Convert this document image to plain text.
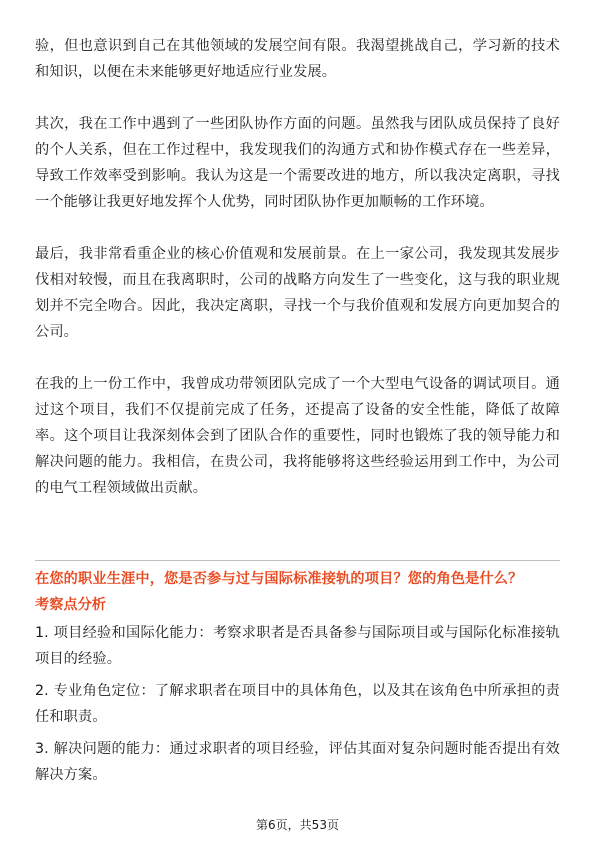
验，但也意识到自己在其他领域的发展空间有限。我渴望挑战自己，学习新的技术和知识，以便在未来能够更好地适应行业发展。

其次，我在工作中遇到了一些团队协作方面的问题。虽然我与团队成员保持了良好的个人关系，但在工作过程中，我发现我们的沟通方式和协作模式存在一些差异，导致工作效率受到影响。我认为这是一个需要改进的地方，所以我决定离职，寻找一个能够让我更好地发挥个人优势，同时团队协作更加顺畅的工作环境。

最后，我非常看重企业的核心价值观和发展前景。在上一家公司，我发现其发展步伐相对较慢，而且在我离职时，公司的战略方向发生了一些变化，这与我的职业规划并不完全吻合。因此，我决定离职，寻找一个与我价值观和发展方向更加契合的公司。

在我的上一份工作中，我曾成功带领团队完成了一个大型电气设备的调试项目。通过这个项目，我们不仅提前完成了任务，还提高了设备的安全性能，降低了故障率。这个项目让我深刻体会到了团队合作的重要性，同时也锻炼了我的领导能力和解决问题的能力。我相信，在贵公司，我将能够将这些经验运用到工作中，为公司的电气工程领域做出贡献。

在您的职业生涯中，您是否参与过与国际标准接轨的项目？您的角色是什么？

考察点分析

1. 项目经验和国际化能力：考察求职者是否具备参与国际项目或与国际化标准接轨项目的经验。

2. 专业角色定位：了解求职者在项目中的具体角色，以及其在该角色中所承担的责任和职责。

3. 解决问题的能力：通过求职者的项目经验，评估其面对复杂问题时能否提出有效解决方案。

第6页，共53页
